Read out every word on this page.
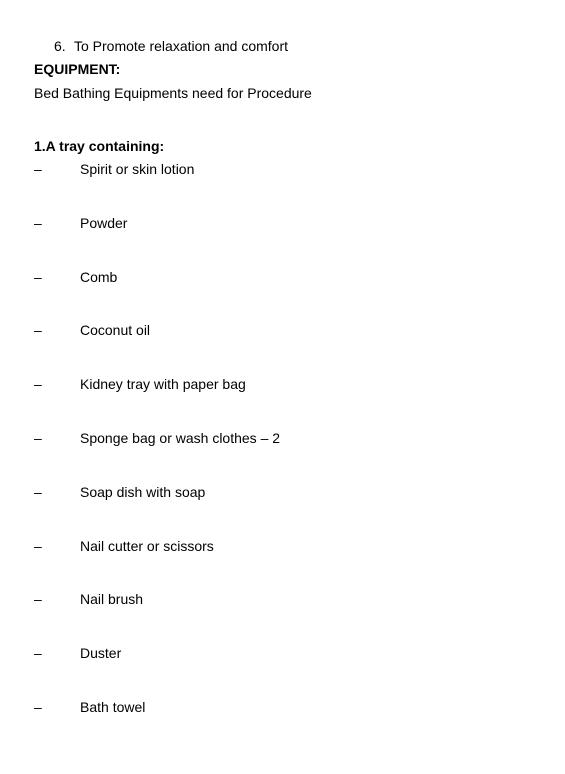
6. To Promote relaxation and comfort
EQUIPMENT:
Bed Bathing Equipments need for Procedure
1.A tray containing:
–	Spirit or skin lotion
–	Powder
–	Comb
–	Coconut oil
–	Kidney tray with paper bag
–	Sponge bag or wash clothes – 2
–	Soap dish with soap
–	Nail cutter or scissors
–	Nail brush
–	Duster
–	Bath towel
